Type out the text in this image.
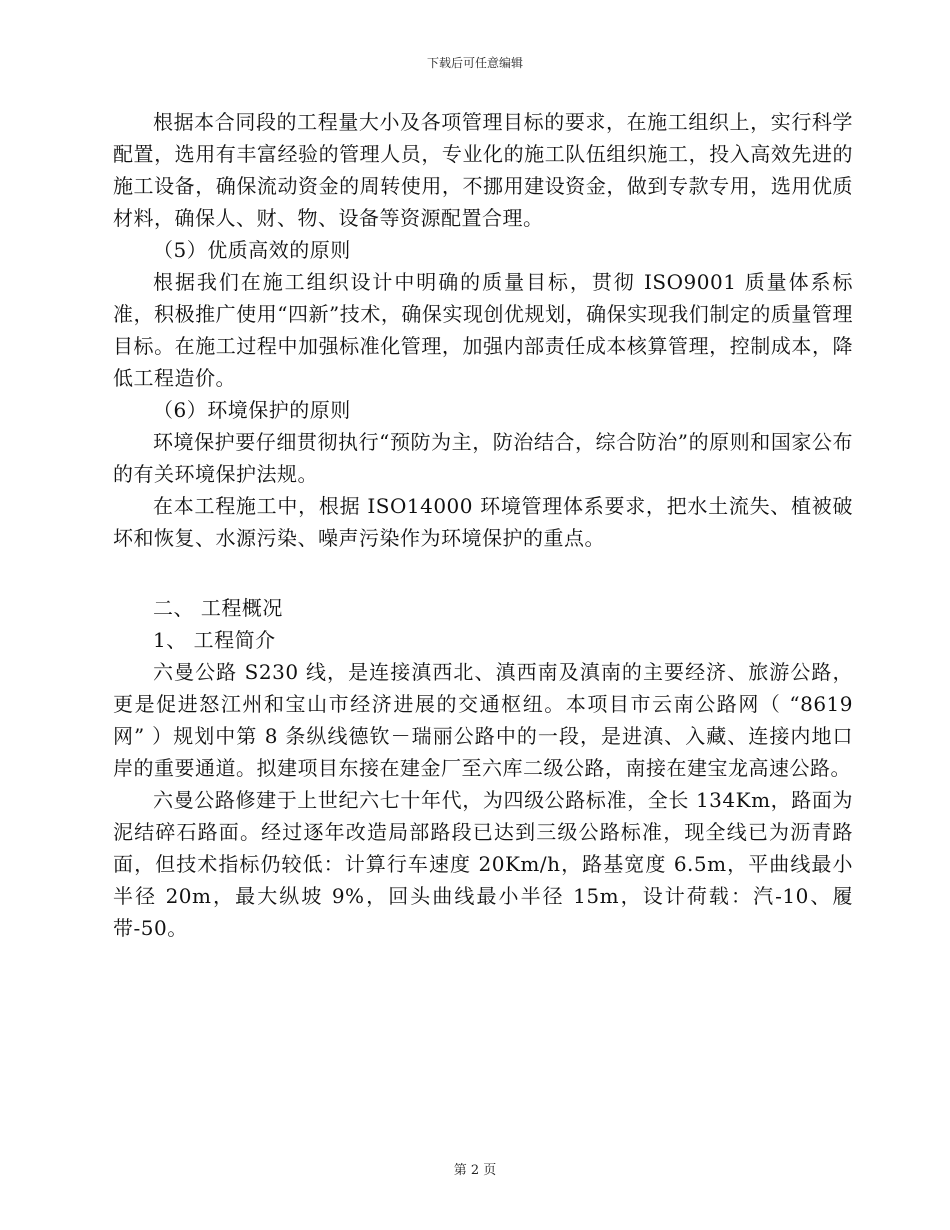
下载后可任意编辑

根据本合同段的工程量大小及各项管理目标的要求，在施工组织上，实行科学配置，选用有丰富经验的管理人员，专业化的施工队伍组织施工，投入高效先进的施工设备，确保流动资金的周转使用，不挪用建设资金，做到专款专用，选用优质材料，确保人、财、物、设备等资源配置合理。

（5）优质高效的原则

根据我们在施工组织设计中明确的质量目标，贯彻 ISO9001 质量体系标准，积极推广使用“四新”技术，确保实现创优规划，确保实现我们制定的质量管理目标。在施工过程中加强标准化管理，加强内部责任成本核算管理，控制成本，降低工程造价。

（6）环境保护的原则

环境保护要仔细贯彻执行“预防为主，防治结合，综合防治”的原则和国家公布的有关环境保护法规。

在本工程施工中，根据 ISO14000 环境管理体系要求，把水土流失、植被破坏和恢复、水源污染、噪声污染作为环境保护的重点。

二、 工程概况

1、 工程简介

六曼公路 S230 线，是连接滇西北、滇西南及滇南的主要经济、旅游公路，更是促进怒江州和宝山市经济进展的交通枢纽。本项目市云南公路网（ “8619 网” ）规划中第 8 条纵线德钦－瑞丽公路中的一段，是进滇、入藏、连接内地口岸的重要通道。拟建项目东接在建金厂至六库二级公路，南接在建宝龙高速公路。

六曼公路修建于上世纪六七十年代，为四级公路标准，全长 134Km，路面为泥结碎石路面。经过逐年改造局部路段已达到三级公路标准，现全线已为沥青路面，但技术指标仍较低：计算行车速度 20Km/h，路基宽度 6.5m，平曲线最小半径 20m，最大纵坡 9%，回头曲线最小半径 15m，设计荷载：汽-10、履带-50。

第 2 页
